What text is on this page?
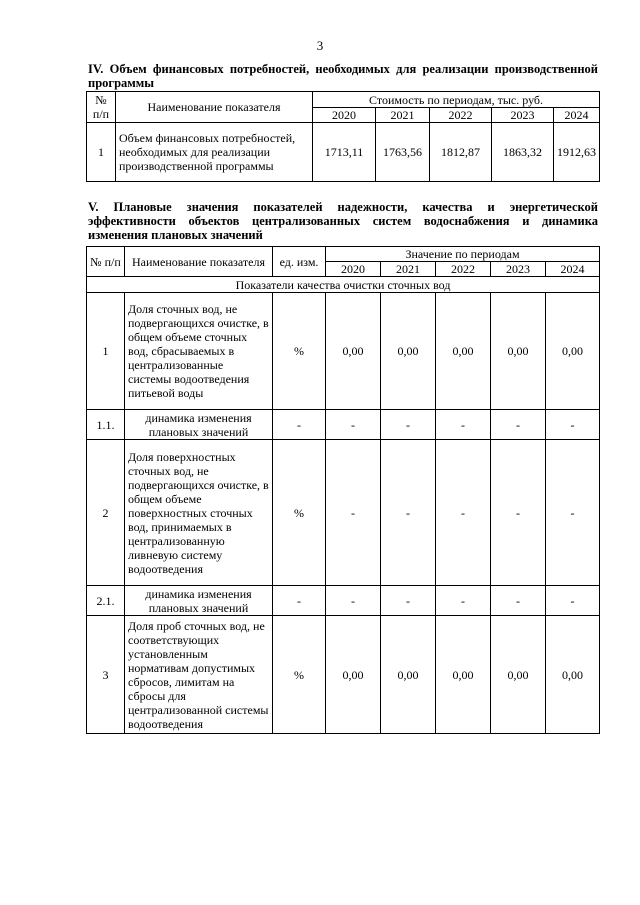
3
IV. Объем финансовых потребностей, необходимых для реализации производственной программы
№ п/п	Наименование показателя	Стоимость по периодам, тыс. руб.				
		2020	2021	2022	2023	2024
1	Объем финансовых потребностей, необходимых для реализации производственной программы	1713,11	1763,56	1812,87	1863,32	1912,63
V. Плановые значения показателей надежности, качества и энергетической эффективности объектов централизованных систем водоснабжения и динамика изменения плановых значений
№ п/п	Наименование показателя	ед. изм.	Значение по периодам				
			2020	2021	2022	2023	2024
Показатели качества очистки сточных вод							
1	Доля сточных вод, не подвергающихся очистке, в общем объеме сточных вод, сбрасываемых в централизованные системы водоотведения питьевой воды	%	0,00	0,00	0,00	0,00	0,00
1.1.	динамика изменения плановых значений	-	-	-	-	-	-
2	Доля поверхностных сточных вод, не подвергающихся очистке, в общем объеме поверхностных сточных вод, принимаемых в централизованную ливневую систему водоотведения	%	-	-	-	-	-
2.1.	динамика изменения плановых значений	-	-	-	-	-	-
3	Доля проб сточных вод, не соответствующих установленным нормативам допустимых сбросов, лимитам на сбросы для централизованной системы водоотведения	%	0,00	0,00	0,00	0,00	0,00
